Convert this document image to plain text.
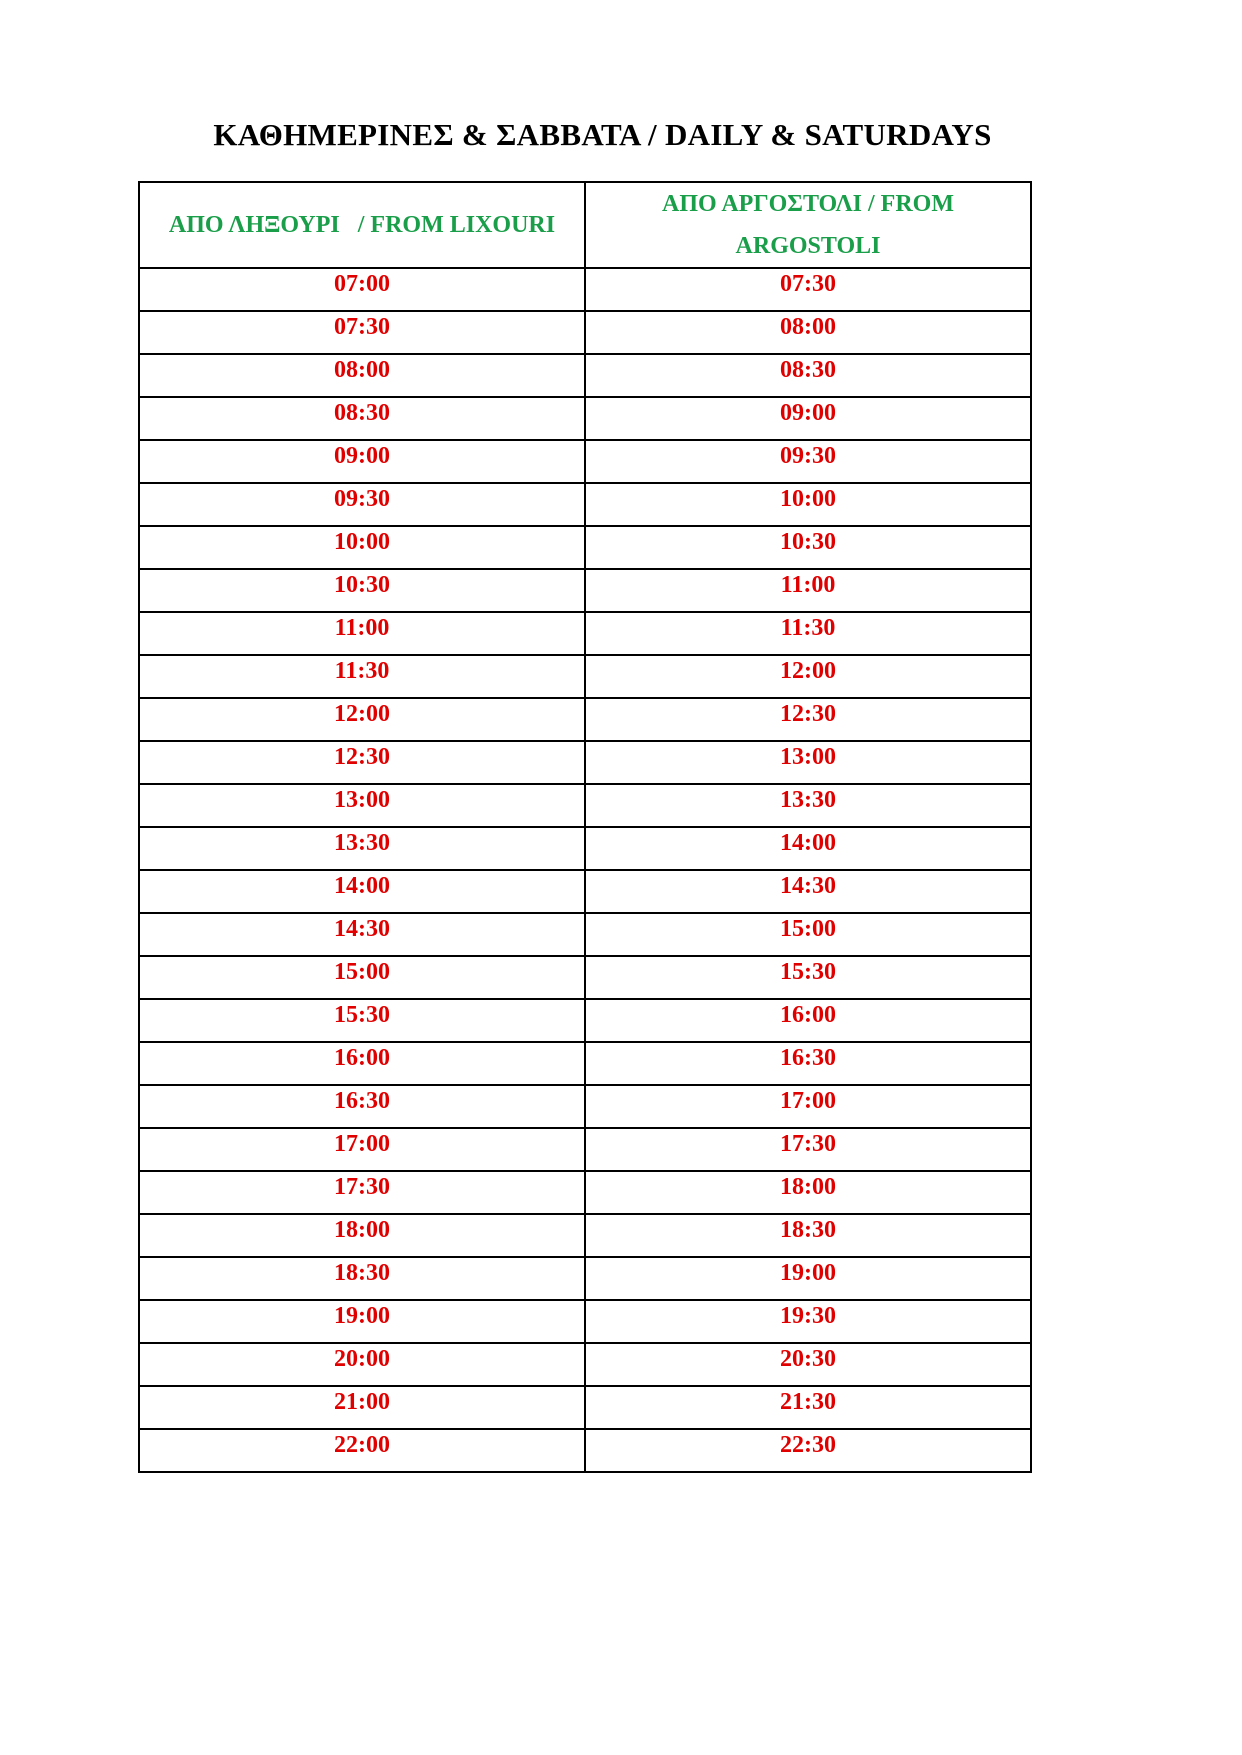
ΚΑΘΗΜΕΡΙΝΕΣ & ΣΑΒΒΑΤΑ / DAILY & SATURDAYS
ΑΠΟ ΛΗΞΟΥΡΙ   / FROM LIXOURI	ΑΠΟ ΑΡΓΟΣΤΟΛΙ / FROM ARGOSTOLI
07:00	07:30
07:30	08:00
08:00	08:30
08:30	09:00
09:00	09:30
09:30	10:00
10:00	10:30
10:30	11:00
11:00	11:30
11:30	12:00
12:00	12:30
12:30	13:00
13:00	13:30
13:30	14:00
14:00	14:30
14:30	15:00
15:00	15:30
15:30	16:00
16:00	16:30
16:30	17:00
17:00	17:30
17:30	18:00
18:00	18:30
18:30	19:00
19:00	19:30
20:00	20:30
21:00	21:30
22:00	22:30
